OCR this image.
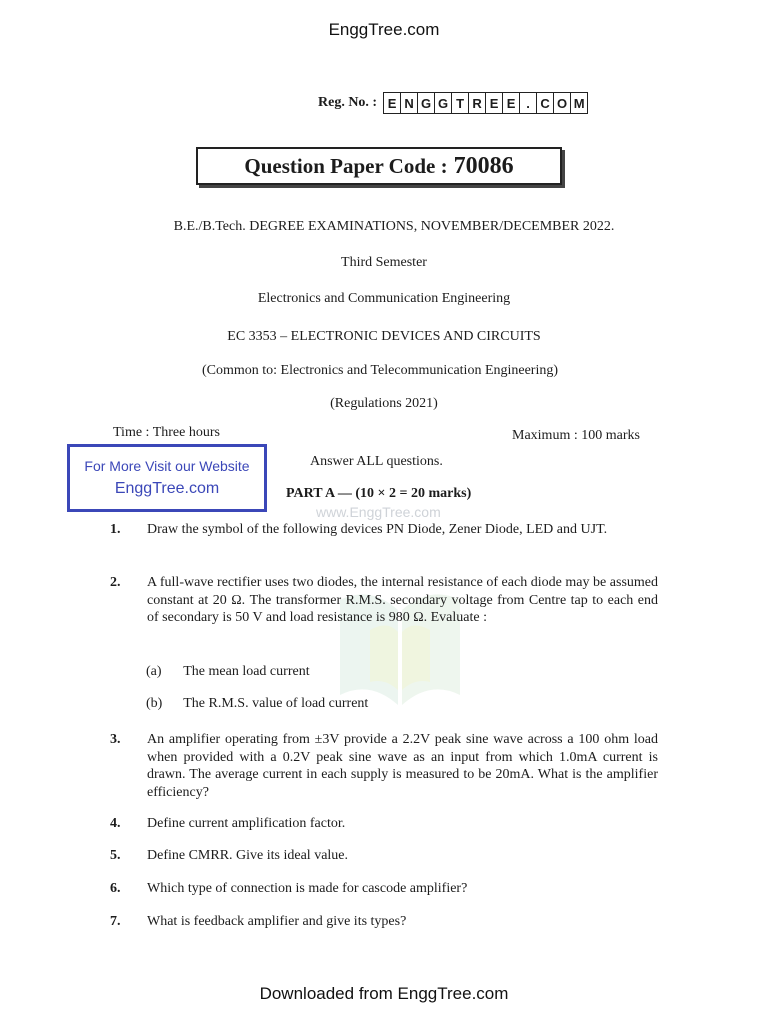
EnggTree.com
Reg. No. : E N G G T R E E . C O M
Question Paper Code : 70086
B.E./B.Tech. DEGREE EXAMINATIONS, NOVEMBER/DECEMBER 2022.
Third Semester
Electronics and Communication Engineering
EC 3353 – ELECTRONIC DEVICES AND CIRCUITS
(Common to: Electronics and Telecommunication Engineering)
(Regulations 2021)
Time : Three hours	Maximum : 100 marks
For More Visit our Website
EnggTree.com
Answer ALL questions.
PART A — (10 × 2 = 20 marks)
www.EnggTree.com
1. Draw the symbol of the following devices PN Diode, Zener Diode, LED and UJT.
2. A full-wave rectifier uses two diodes, the internal resistance of each diode may be assumed constant at 20 Ω. The transformer R.M.S. secondary voltage from Centre tap to each end of secondary is 50 V and load resistance is 980 Ω. Evaluate :
(a) The mean load current
(b) The R.M.S. value of load current
3. An amplifier operating from ±3V provide a 2.2V peak sine wave across a 100 ohm load when provided with a 0.2V peak sine wave as an input from which 1.0mA current is drawn. The average current in each supply is measured to be 20mA. What is the amplifier efficiency?
4. Define current amplification factor.
5. Define CMRR. Give its ideal value.
6. Which type of connection is made for cascode amplifier?
7. What is feedback amplifier and give its types?
Downloaded from EnggTree.com
